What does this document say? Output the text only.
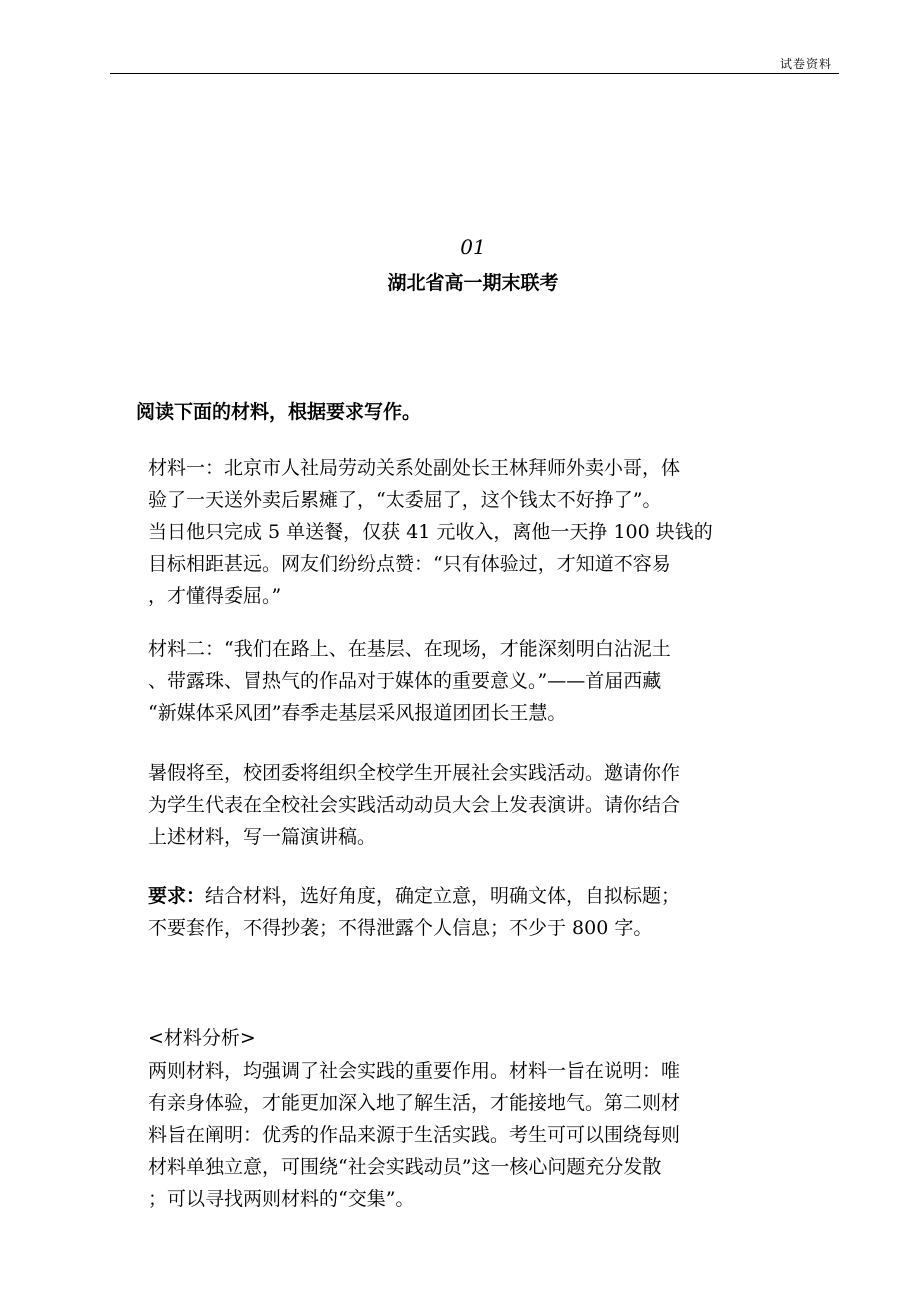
试卷资料
01
湖北省高一期末联考
阅读下面的材料，根据要求写作。

材料一：北京市人社局劳动关系处副处长王林拜师外卖小哥，体
验了一天送外卖后累瘫了，“太委屈了，这个钱太不好挣了”。
当日他只完成 5 单送餐，仅获 41 元收入，离他一天挣 100 块钱的
目标相距甚远。网友们纷纷点赞：“只有体验过，才知道不容易
，才懂得委屈。”

材料二：“我们在路上、在基层、在现场，才能深刻明白沾泥土
、带露珠、冒热气的作品对于媒体的重要意义。”——首届西藏
“新媒体采风团”春季走基层采风报道团团长王慧。

暑假将至，校团委将组织全校学生开展社会实践活动。邀请你作
为学生代表在全校社会实践活动动员大会上发表演讲。请你结合
上述材料，写一篇演讲稿。

要求：结合材料，选好角度，确定立意，明确文体，自拟标题；
不要套作，不得抄袭；不得泄露个人信息；不少于 800 字。

<材料分析>

两则材料，均强调了社会实践的重要作用。材料一旨在说明：唯
有亲身体验，才能更加深入地了解生活，才能接地气。第二则材
料旨在阐明：优秀的作品来源于生活实践。考生可可以围绕每则
材料单独立意，可围绕“社会实践动员”这一核心问题充分发散
；可以寻找两则材料的“交集”。
